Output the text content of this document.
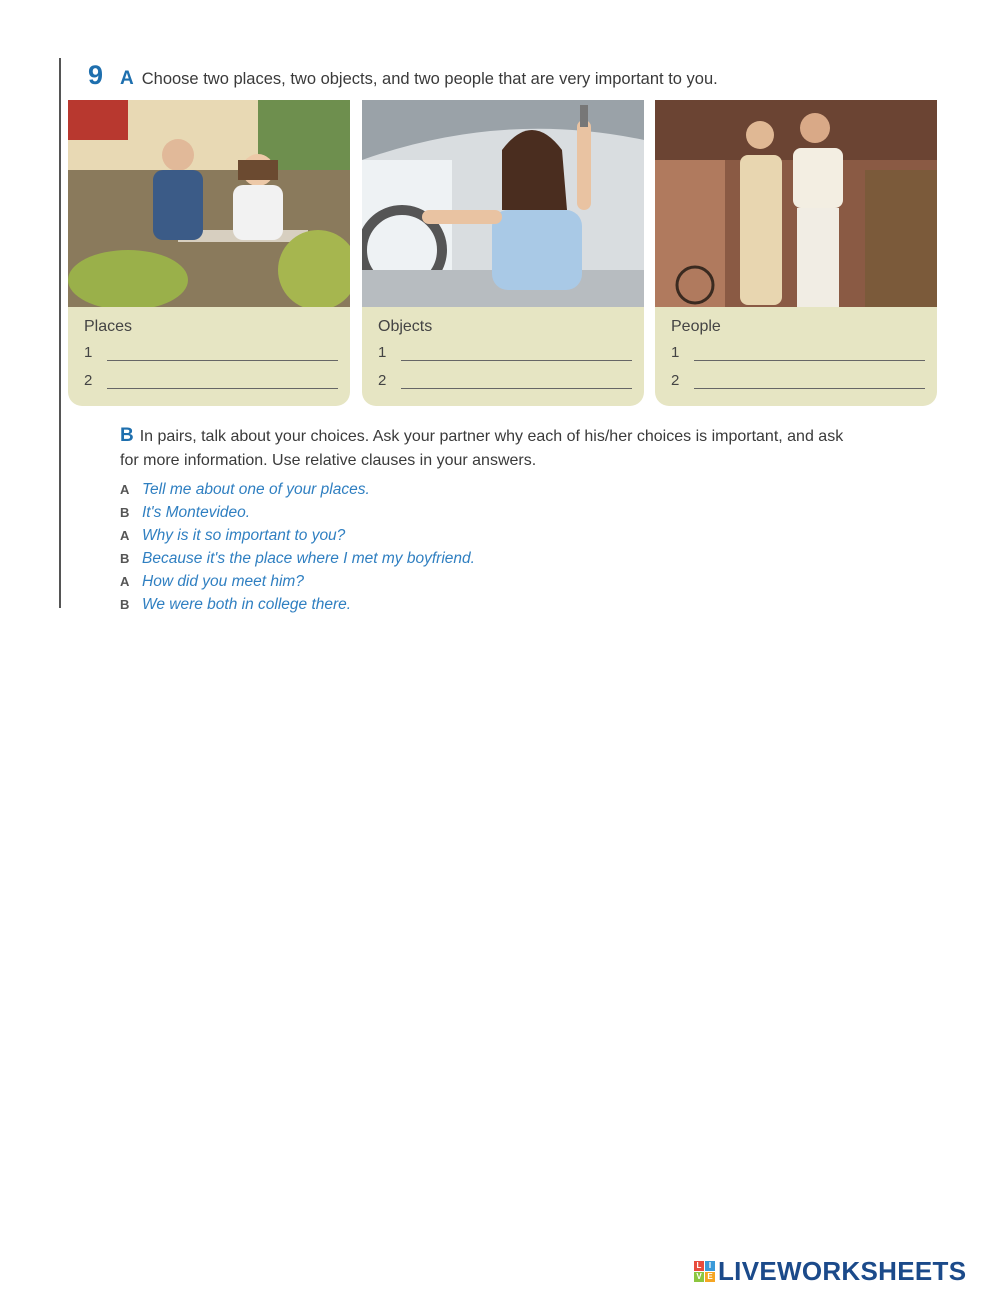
9 A Choose two places, two objects, and two people that are very important to you.
Places
1
2
Objects
1
2
People
1
2
B In pairs, talk about your choices. Ask your partner why each of his/her choices is important, and ask for more information. Use relative clauses in your answers.
A Tell me about one of your places.
B It's Montevideo.
A Why is it so important to you?
B Because it's the place where I met my boyfriend.
A How did you meet him?
B We were both in college there.
L I
V E LIVEWORKSHEETS
